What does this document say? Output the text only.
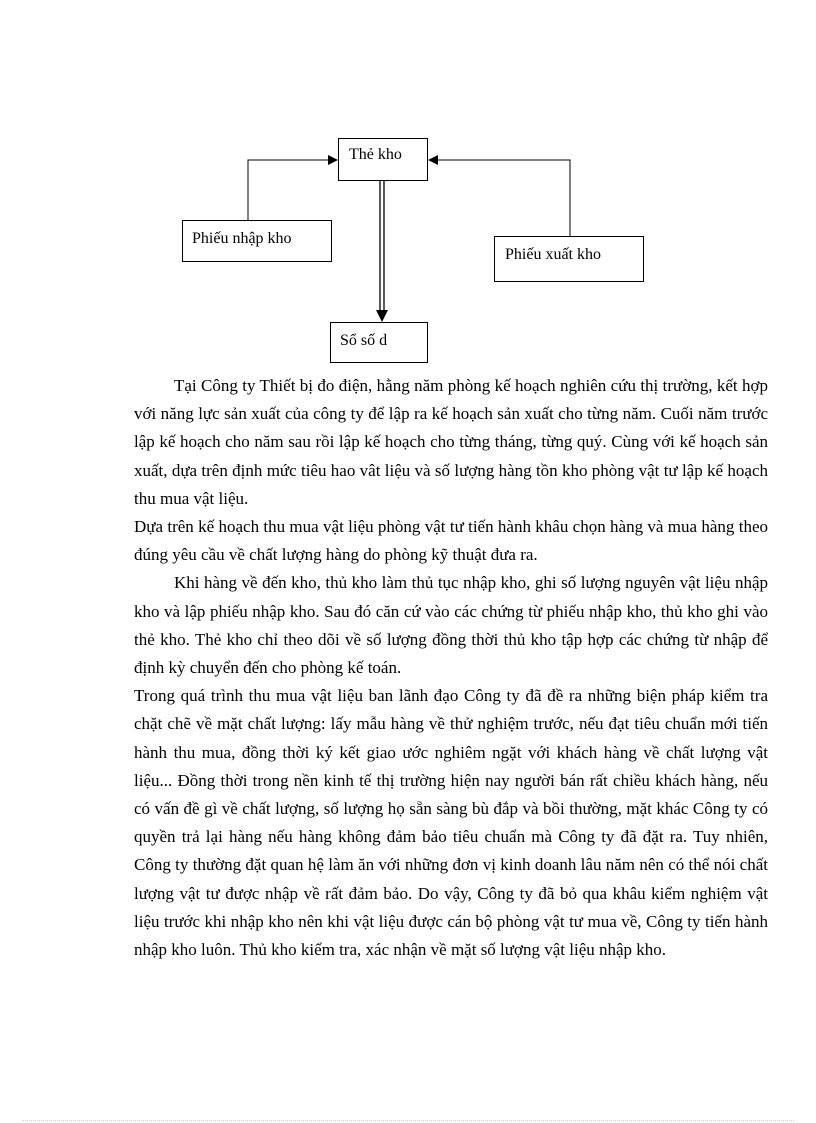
Thẻ kho
Phiếu nhập kho
Phiếu xuất kho
Sổ số d

Tại Công ty Thiết bị đo điện, hằng năm phòng kế hoạch nghiên cứu thị trường, kết hợp với năng lực sản xuất của công ty để lập ra kế hoạch sản xuất cho từng năm. Cuối năm trước lập kế hoạch cho năm sau rồi lập kế hoạch cho từng tháng, từng quý. Cùng với kế hoạch sản xuất, dựa trên định mức tiêu hao vât liệu và số lượng hàng tồn kho phòng vật tư lập kế hoạch thu mua vật liệu.

Dựa trên kế hoạch thu mua vật liệu phòng vật tư tiến hành khâu chọn hàng và mua hàng theo đúng yêu cầu về chất lượng hàng do phòng kỹ thuật đưa ra.

Khi hàng về đến kho, thủ kho làm thủ tục nhập kho, ghi số lượng nguyên vật liệu nhập kho và lập phiếu nhập kho. Sau đó căn cứ vào các chứng từ phiếu nhập kho, thủ kho ghi vào thẻ kho. Thẻ kho chỉ theo dõi về số lượng đồng thời thủ kho tập hợp các chứng từ nhập để định kỳ chuyển đến cho phòng kế toán.

Trong quá trình thu mua vật liệu ban lãnh đạo Công ty đã đề ra những biện pháp kiểm tra chặt chẽ về mặt chất lượng: lấy mẫu hàng về thử nghiệm trước, nếu đạt tiêu chuẩn mới tiến hành thu mua, đồng thời ký kết giao ước nghiêm ngặt với khách hàng về chất lượng vật liệu... Đồng thời trong nền kinh tế thị trường hiện nay người bán rất chiều khách hàng, nếu có vấn đề gì về chất lượng, số lượng họ sẵn sàng bù đắp và bồi thường, mặt khác Công ty có quyền trả lại hàng nếu hàng không đảm bảo tiêu chuẩn mà Công ty đã đặt ra. Tuy nhiên, Công ty thường đặt quan hệ làm ăn với những đơn vị kinh doanh lâu năm nên có thể nói chất lượng vật tư được nhập về rất đảm bảo. Do vậy, Công ty đã bỏ qua khâu kiểm nghiệm vật liệu trước khi nhập kho nên khi vật liệu được cán bộ phòng vật tư mua về, Công ty tiến hành nhập kho luôn. Thủ kho kiểm tra, xác nhận về mặt số lượng vật liệu nhập kho.
